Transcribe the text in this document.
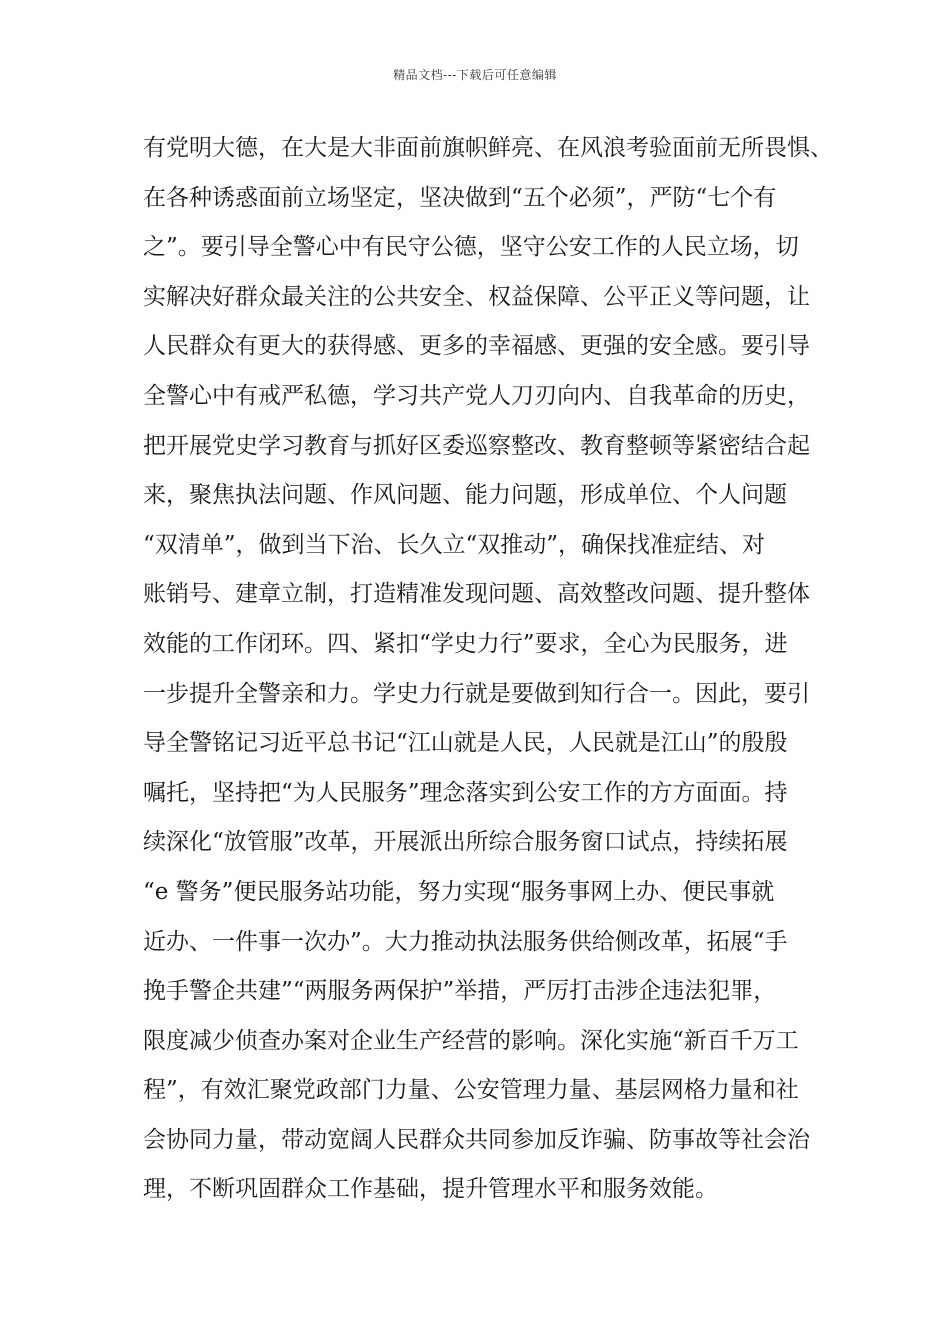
精品文档---下载后可任意编辑
有党明大德，在大是大非面前旗帜鲜亮、在风浪考验面前无所畏惧、
在各种诱惑面前立场坚定，坚决做到“五个必须”，严防“七个有
之”。要引导全警心中有民守公德，坚守公安工作的人民立场，切
实解决好群众最关注的公共安全、权益保障、公平正义等问题，让
人民群众有更大的获得感、更多的幸福感、更强的安全感。要引导
全警心中有戒严私德，学习共产党人刀刃向内、自我革命的历史，
把开展党史学习教育与抓好区委巡察整改、教育整顿等紧密结合起
来，聚焦执法问题、作风问题、能力问题，形成单位、个人问题
“双清单”，做到当下治、长久立“双推动”，确保找准症结、对
账销号、建章立制，打造精准发现问题、高效整改问题、提升整体
效能的工作闭环。四、紧扣“学史力行”要求，全心为民服务，进
一步提升全警亲和力。学史力行就是要做到知行合一。因此，要引
导全警铭记习近平总书记“江山就是人民，人民就是江山”的殷殷
嘱托，坚持把“为人民服务”理念落实到公安工作的方方面面。持
续深化“放管服”改革，开展派出所综合服务窗口试点，持续拓展
“e 警务”便民服务站功能，努力实现“服务事网上办、便民事就
近办、一件事一次办”。大力推动执法服务供给侧改革，拓展“手
挽手警企共建”“两服务两保护”举措，严厉打击涉企违法犯罪，
限度减少侦查办案对企业生产经营的影响。深化实施“新百千万工
程”，有效汇聚党政部门力量、公安管理力量、基层网格力量和社
会协同力量，带动宽阔人民群众共同参加反诈骗、防事故等社会治
理，不断巩固群众工作基础，提升管理水平和服务效能。
